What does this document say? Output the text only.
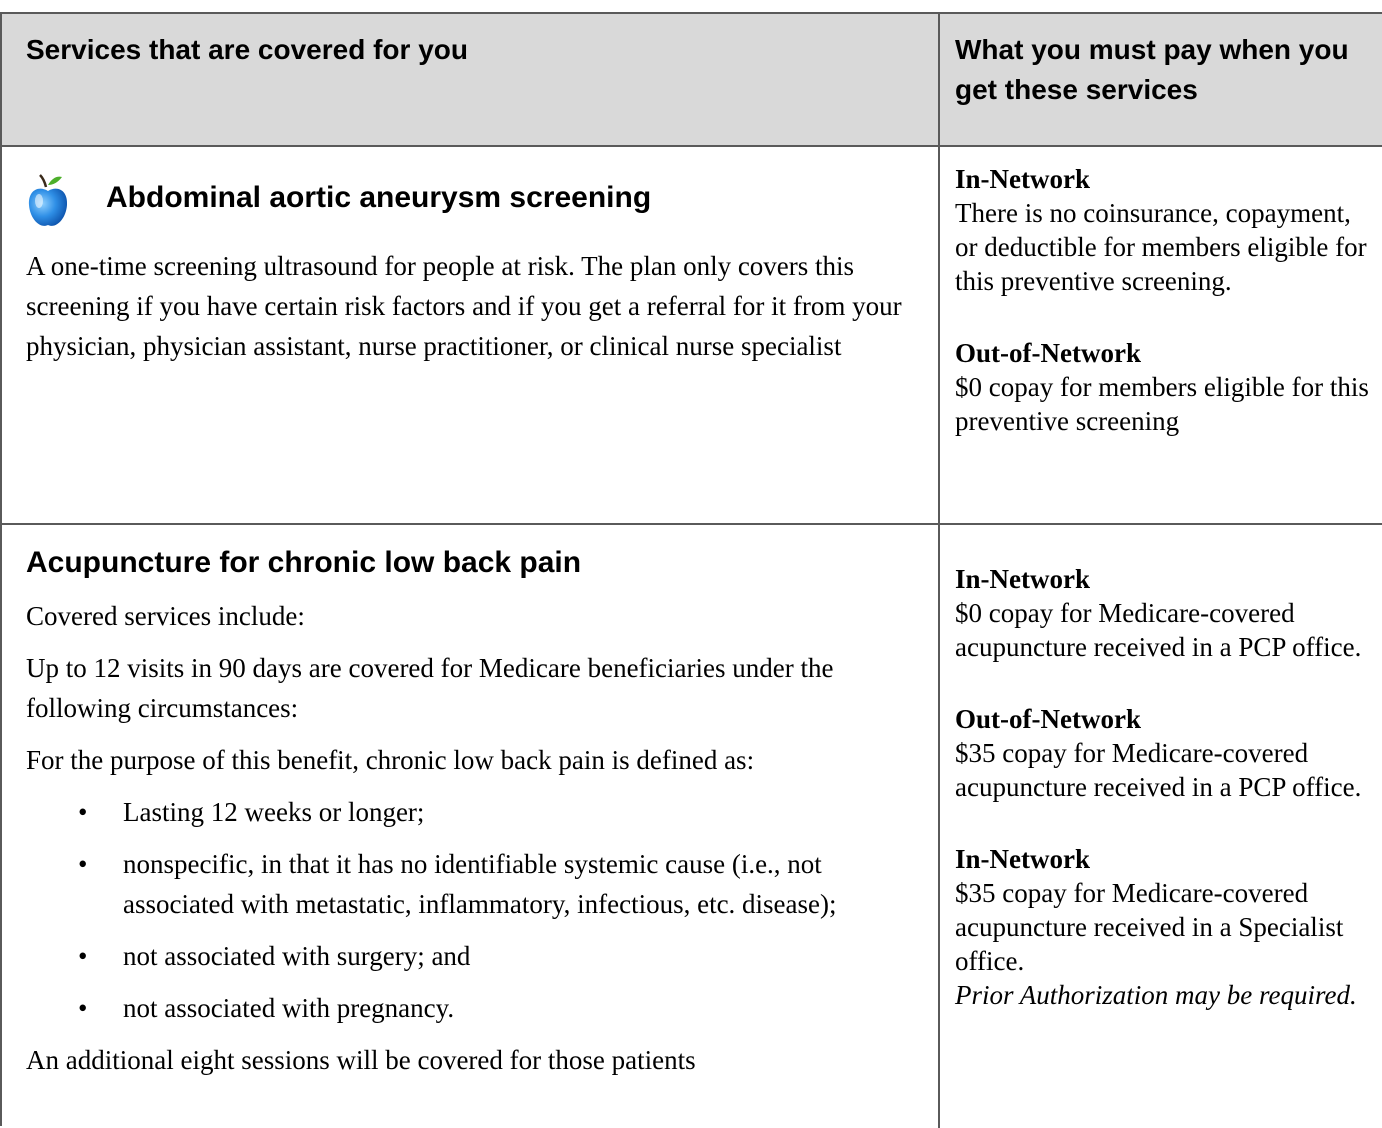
Services that are covered for you	What you must pay when you get these services
Abdominal aortic aneurysm screening
A one-time screening ultrasound for people at risk. The plan only covers this screening if you have certain risk factors and if you get a referral for it from your physician, physician assistant, nurse practitioner, or clinical nurse specialist
In-Network
There is no coinsurance, copayment, or deductible for members eligible for this preventive screening.
Out-of-Network
$0 copay for members eligible for this preventive screening
Acupuncture for chronic low back pain
Covered services include:
Up to 12 visits in 90 days are covered for Medicare beneficiaries under the following circumstances:
For the purpose of this benefit, chronic low back pain is defined as:
• Lasting 12 weeks or longer;
• nonspecific, in that it has no identifiable systemic cause (i.e., not associated with metastatic, inflammatory, infectious, etc. disease);
• not associated with surgery; and
• not associated with pregnancy.
An additional eight sessions will be covered for those patients
In-Network
$0 copay for Medicare-covered acupuncture received in a PCP office.
Out-of-Network
$35 copay for Medicare-covered acupuncture received in a PCP office.
In-Network
$35 copay for Medicare-covered acupuncture received in a Specialist office.
Prior Authorization may be required.
